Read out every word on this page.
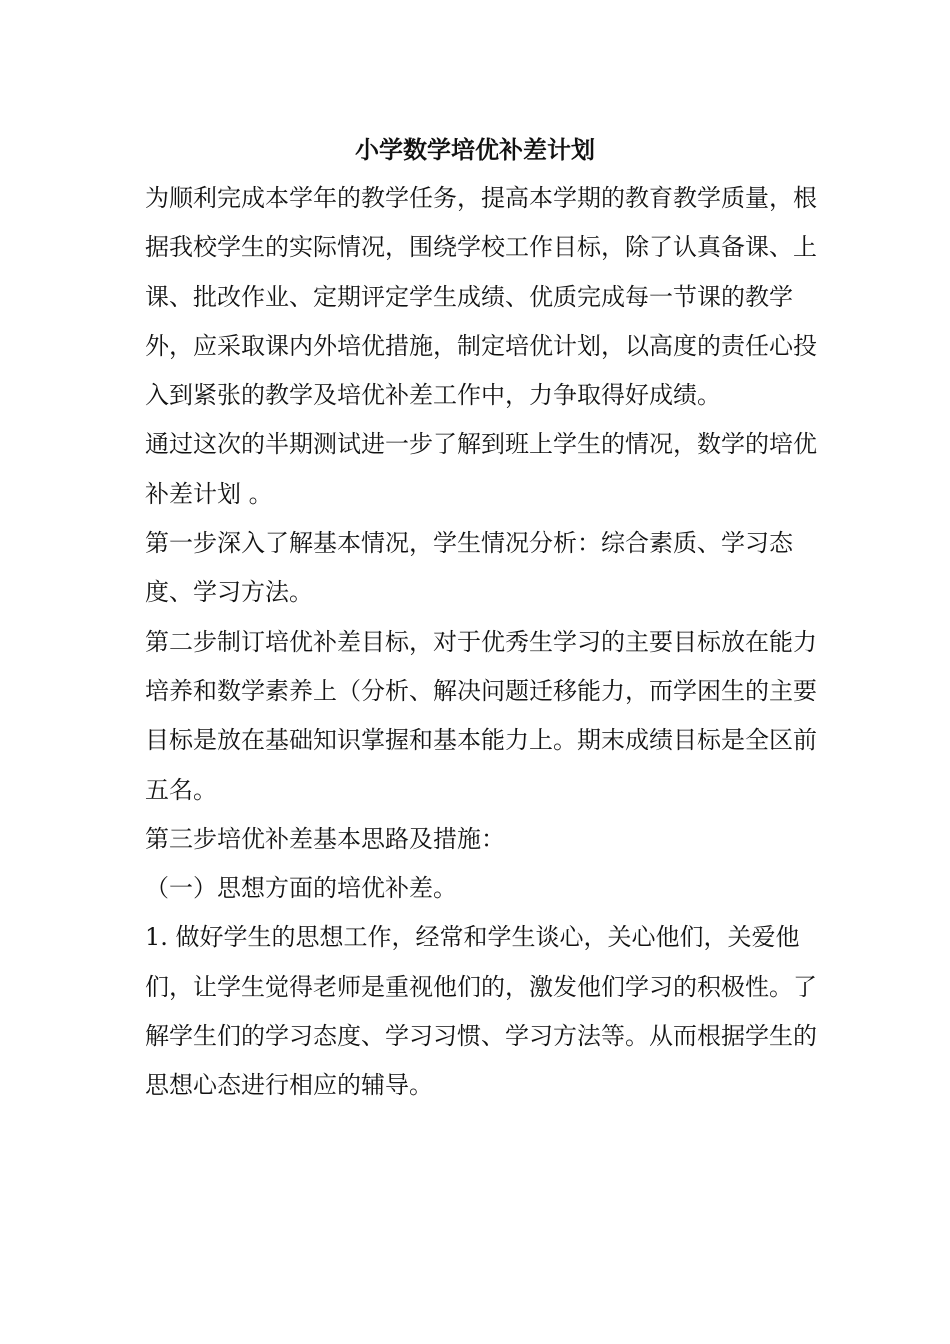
小学数学培优补差计划

为顺利完成本学年的教学任务，提高本学期的教育教学质量，根据我校学生的实际情况，围绕学校工作目标，除了认真备课、上课、批改作业、定期评定学生成绩、优质完成每一节课的教学外，应采取课内外培优措施，制定培优计划，以高度的责任心投入到紧张的教学及培优补差工作中，力争取得好成绩。

通过这次的半期测试进一步了解到班上学生的情况，数学的培优补差计划 。

第一步深入了解基本情况，学生情况分析：综合素质、学习态度、学习方法。

第二步制订培优补差目标，对于优秀生学习的主要目标放在能力培养和数学素养上（分析、解决问题迁移能力，而学困生的主要目标是放在基础知识掌握和基本能力上。期末成绩目标是全区前五名。

第三步培优补差基本思路及措施：

（一）思想方面的培优补差。

1. 做好学生的思想工作，经常和学生谈心，关心他们，关爱他们，让学生觉得老师是重视他们的，激发他们学习的积极性。了解学生们的学习态度、学习习惯、学习方法等。从而根据学生的思想心态进行相应的辅导。
